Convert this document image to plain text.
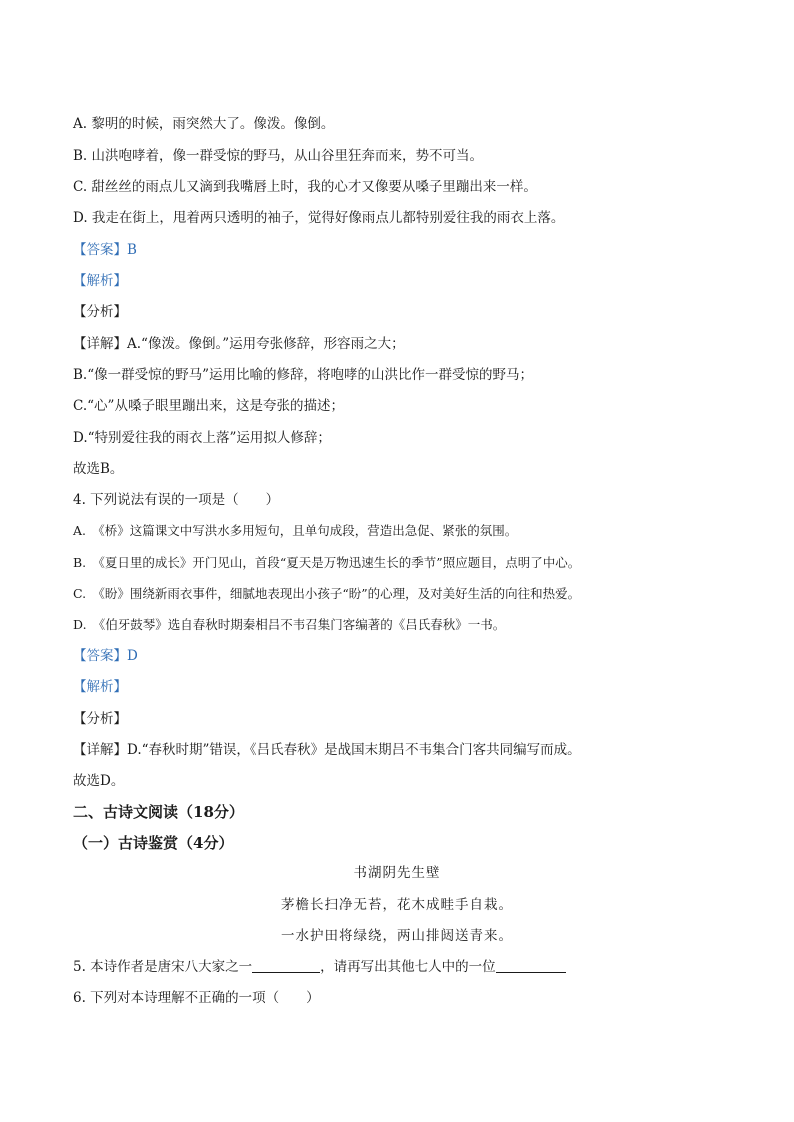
A. 黎明的时候，雨突然大了。像泼。像倒。
B. 山洪咆哮着，像一群受惊的野马，从山谷里狂奔而来，势不可当。
C. 甜丝丝的雨点儿又滴到我嘴唇上时，我的心才又像要从嗓子里蹦出来一样。
D. 我走在街上，甩着两只透明的袖子，觉得好像雨点儿都特别爱往我的雨衣上落。
【答案】B
【解析】
【分析】
【详解】A.“像泼。像倒。”运用夸张修辞，形容雨之大；
B.“像一群受惊的野马”运用比喻的修辞，将咆哮的山洪比作一群受惊的野马；
C.“心”从嗓子眼里蹦出来，这是夸张的描述；
D.“特别爱往我的雨衣上落”运用拟人修辞；
故选B。
4. 下列说法有误的一项是（　　）
A.　《桥》这篇课文中写洪水多用短句，且单句成段，营造出急促、紧张的氛围。
B.　《夏日里的成长》开门见山，首段“夏天是万物迅速生长的季节”照应题目，点明了中心。
C.　《盼》围绕新雨衣事件，细腻地表现出小孩子“盼”的心理，及对美好生活的向往和热爱。
D.　《伯牙鼓琴》选自春秋时期秦相吕不韦召集门客编著的《吕氏春秋》一书。
【答案】D
【解析】
【分析】
【详解】D.“春秋时期”错误，《吕氏春秋》是战国末期吕不韦集合门客共同编写而成。
故选D。
二、古诗文阅读（18分）
（一）古诗鉴赏（4分）
书湖阴先生壁
茅檐长扫净无苔，花木成畦手自栽。
一水护田将绿绕，两山排闼送青来。
5. 本诗作者是唐宋八大家之一	，请再写出其他七人中的一位
6. 下列对本诗理解不正确的一项（　　）
